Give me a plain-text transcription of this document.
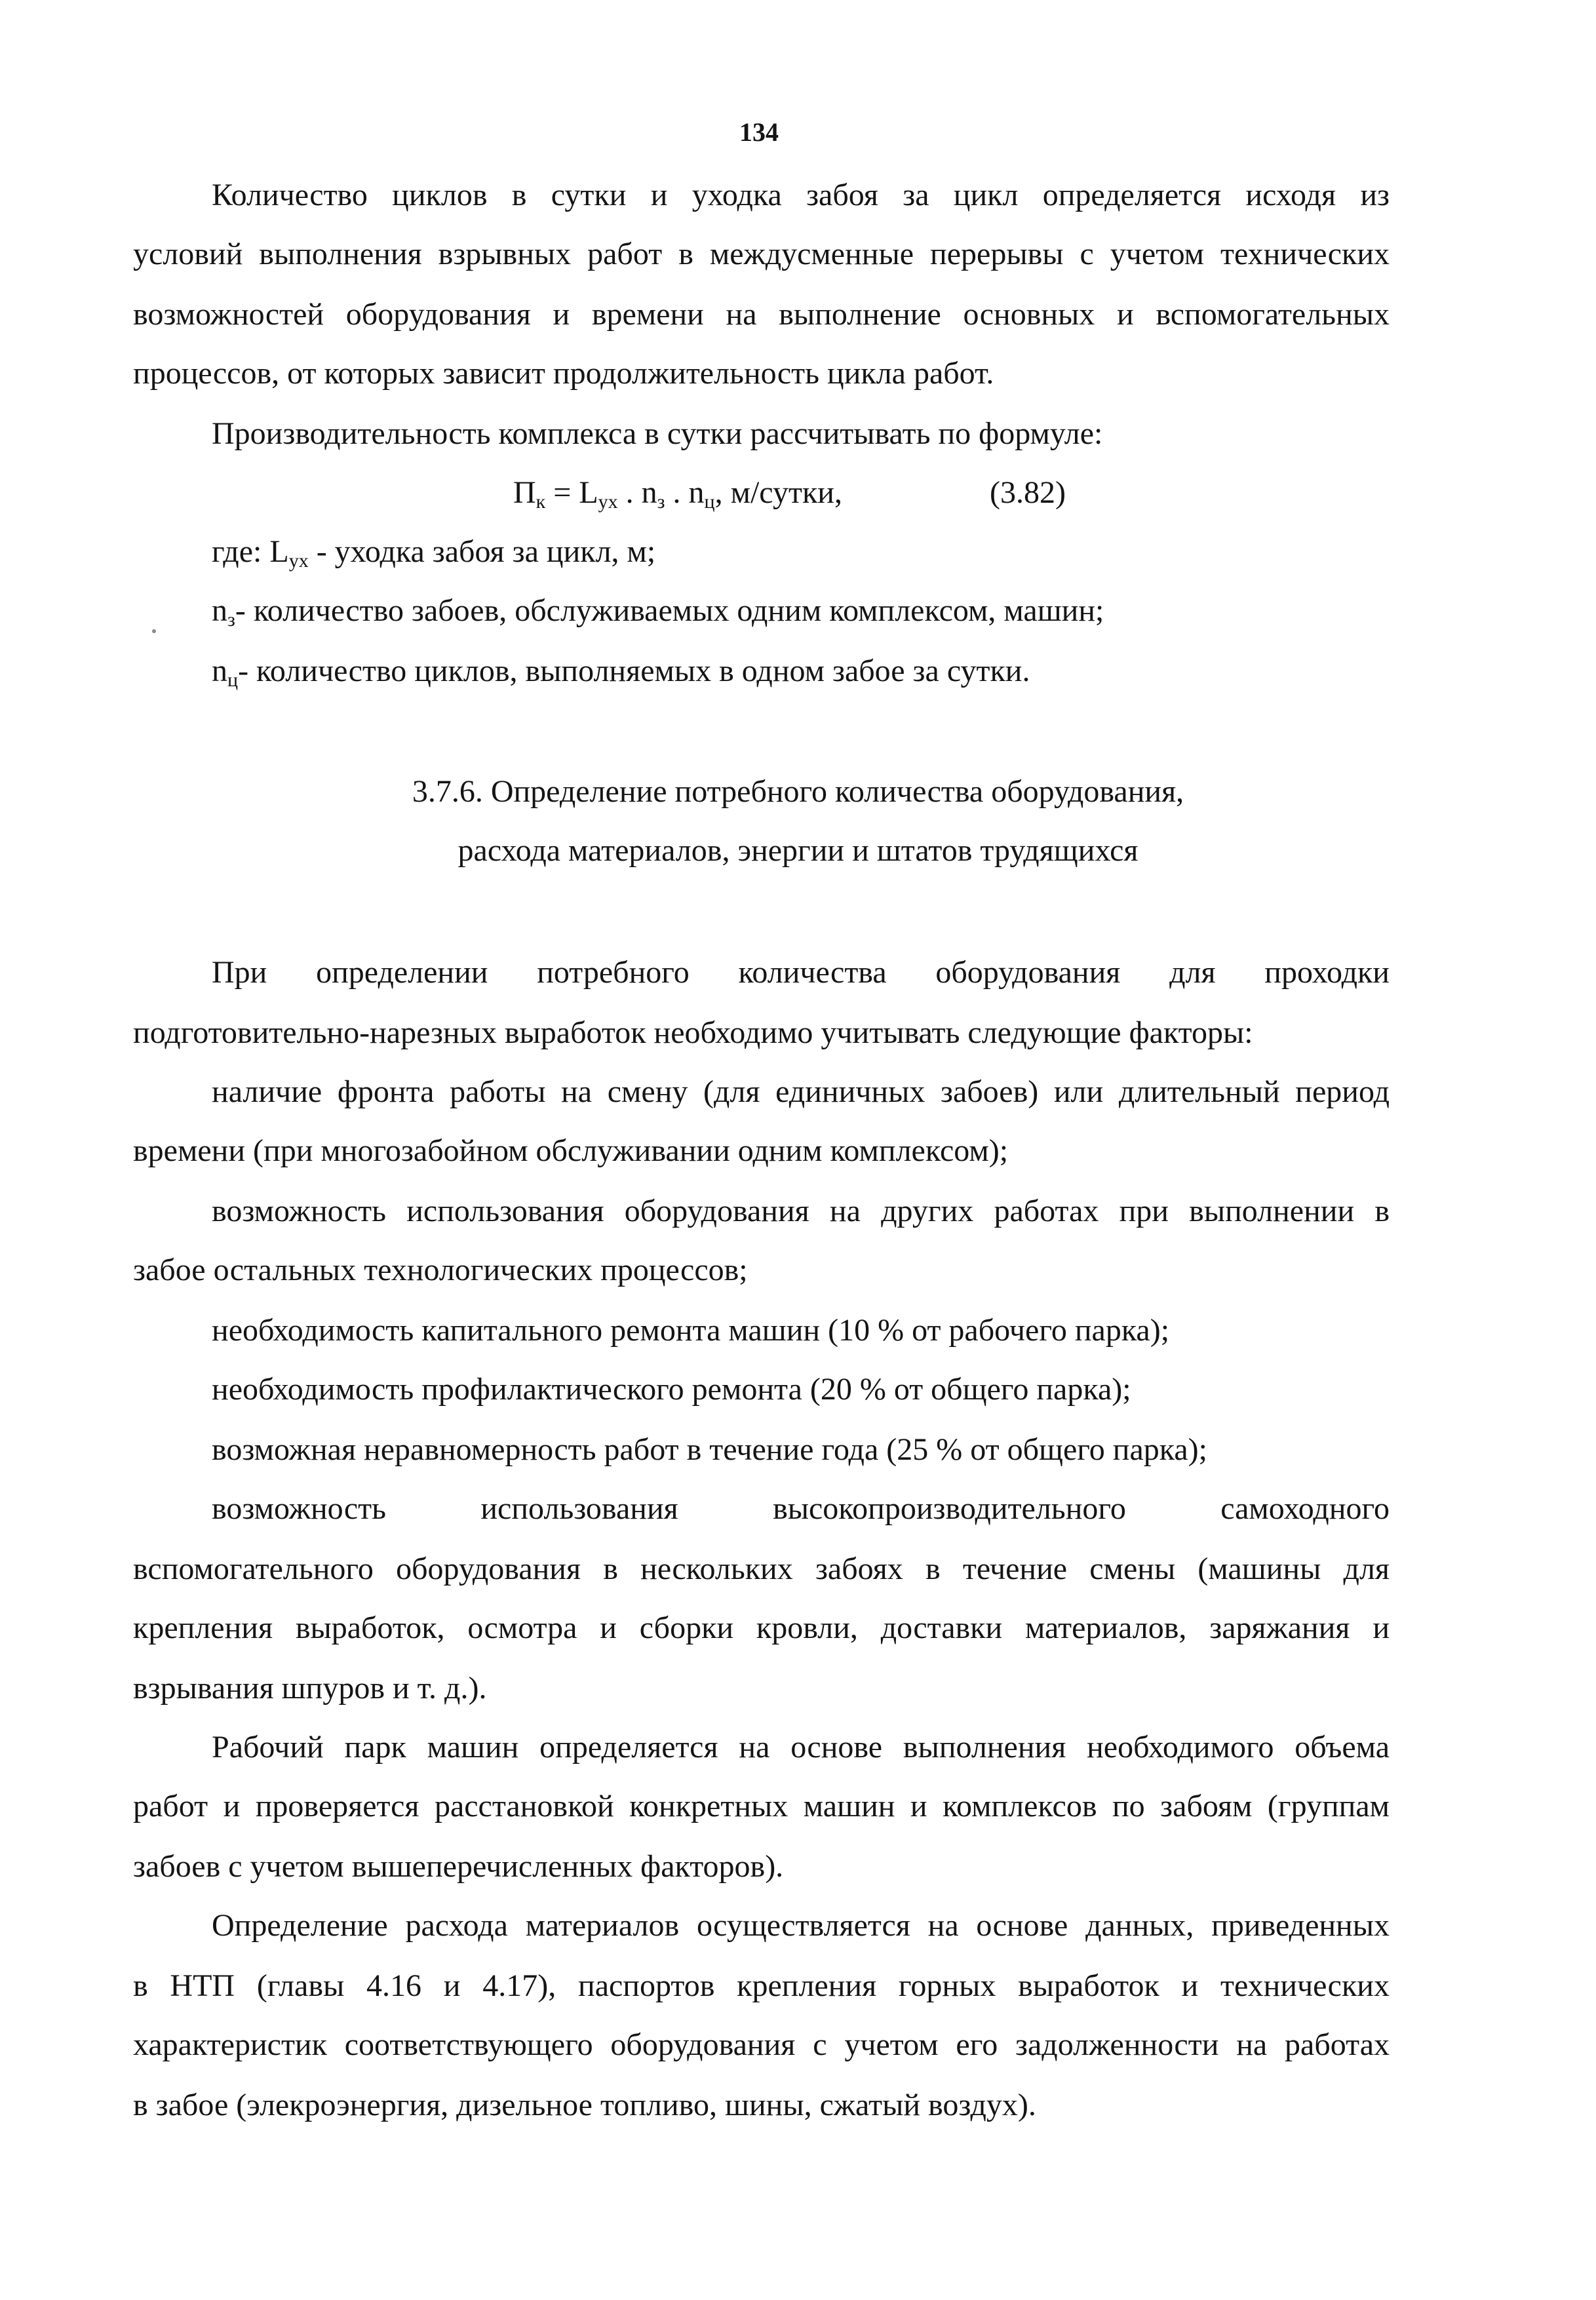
134
Количество циклов в сутки и уходка забоя за цикл определяется исходя из
условий выполнения взрывных работ в междусменные перерывы с учетом технических
возможностей оборудования и времени на выполнение основных и вспомогательных
процессов, от которых зависит продолжительность цикла работ.
Производительность комплекса в сутки рассчитывать по формуле:
$П_к = L_{ух}$ . $n_з$ . $n_ц$, м/сутки,	(3.82)
где: $L_{ух}$ - уходка забоя за цикл, м;
$n_з-$ количество забоев, обслуживаемых одним комплексом, машин;
$n_ц-$ количество циклов, выполняемых в одном забое за сутки.
3.7.6. Определение потребного количества оборудования,
расхода материалов, энергии и штатов трудящихся
При определении потребного количества оборудования для проходки
подготовительно-нарезных выработок необходимо учитывать следующие факторы:
наличие фронта работы на смену (для единичных забоев) или длительный период
времени (при многозабойном обслуживании одним комплексом);
возможность использования оборудования на других работах при выполнении в
забое остальных технологических процессов;
необходимость капитального ремонта машин (10 % от рабочего парка);
необходимость профилактического ремонта (20 % от общего парка);
возможная неравномерность работ в течение года (25 % от общего парка);
возможность использования высокопроизводительного самоходного
вспомогательного оборудования в нескольких забоях в течение смены (машины для
крепления выработок, осмотра и сборки кровли, доставки материалов, заряжания и
взрывания шпуров и т. д.).
Рабочий парк машин определяется на основе выполнения необходимого объема
работ и проверяется расстановкой конкретных машин и комплексов по забоям (группам
забоев с учетом вышеперечисленных факторов).
Определение расхода материалов осуществляется на основе данных, приведенных
в НТП (главы 4.16 и 4.17), паспортов крепления горных выработок и технических
характеристик соответствующего оборудования с учетом его задолженности на работах
в забое (элекроэнергия, дизельное топливо, шины, сжатый воздух).
